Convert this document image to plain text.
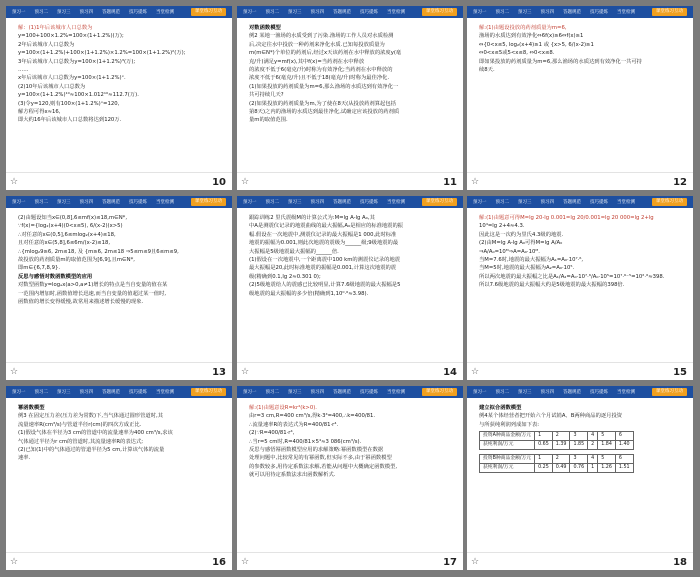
预习一 预习二 预习三 预习四 答题规范 技巧提炼 当堂检测	课堂练习互动

解：(1)1年后该城市人口总数为

y=100+100×1.2%=100×(1+1.2%)(万);

2年后该城市人口总数为

y=100×(1+1.2%)+100×(1+1.2%)×1.2%=100×(1+1.2%)²(万);

3年后该城市人口总数为y=100×(1+1.2%)³(万);

……

x年后该城市人口总数为y=100×(1+1.2%)ˣ.

(2)10年后该城市人口总数为

y=100×(1+1.2%)¹⁰≈100×1.012¹⁰≈112.7(万).

(3)令y=120,则有100×(1+1.2%)ˣ=120,

解方程可得x≈16,

即大约16年后该城市人口总数将达到120万.

☆	10
预习一 预习二 预习三 预习四 答题规范 技巧提炼 当堂检测	课堂练习互动

对数函数模型

例2 某地一渔场的水质受到了污染.渔场的工作人员对水质检测

后,决定往水中投放一种药剂来净化水质.已知每投放质量为

m(m∈N*)个单位的药剂后,经过x天该药剂在水中释放的浓度y(毫

克/升)满足y=mf(x),其中f(x)=当药剂在水中释放

的浓度不低于6(毫克/升)时称为有效净化;当药剂在水中释放的

浓度不低于6(毫克/升)且不低于18(毫克/升)时称为最佳净化.

(1)如果投放的药剂质量为m=6,那么渔场的水质达到有效净化一

共可持续几天?

(2)如果投放的药剂质量为m,为了使在8天(从投放药剂算起包括

第8天)之内的渔场的水质达到最佳净化,试确定应该投放的药剂质

量m的取值范围.

☆	11
预习一 预习二 预习三 预习四 答题规范 技巧提炼 当堂检测	课堂练习互动

解:(1)由题设投放的药剂质量为m=6,

渔场的水质达到有效净化⇔6f(x)≥6⇔f(x)≥1

⇔{0<x≤5, log₂(x+4)≥1 或 {x>5, 6/(x-2)≥1

⇔0<x≤5或5<x≤8, ⇔0<x≤8.

即如果投放的药剂质量为m=6,那么渔场的水质达到有效净化一共可持

续8天.

☆	12
预习一 预习二 预习三 预习四 答题规范 技巧提炼 当堂检测	课堂练习互动

(2)由题设知当x∈(0,8],6≤mf(x)≤18,m∈N*,

∵f(x)={log₂(x+4)(0<x≤5), 6/(x-2)(x>5)

∴对任意的x∈(0,5],6≤mlog₂(x+4)≤18,

且对任意的x∈(5,8],6≤6m/(x-2)≤18,

∴{mlog₂9≥6, 2m≤18, 及 {m≥6, 2m≤18 ⇒5≤m≤9且6≤m≤9,

故投放的药剂质量m的取值范围为[6,9],且m∈N*,

即m∈{6,7,8,9}.

反思与感悟对数函数模型的应用

对数型函数y=logₐx(a>0,a≠1)增长的特点是当自变量的值在某

一范围内增加时,函数值增长迅速,而当自变量的值超过某一值时,

函数值的增长变得缓慢,故常用来描述增长缓慢的现象.

☆	13
预习一 预习二 预习三 预习四 答题规范 技巧提炼 当堂检测	课堂练习互动

跟踪训练2 里氏震级M的计算公式为:M=lg A-lg A₀,其

中A是测震仪记录的地震曲线的最大振幅,A₀是相应的标准地震的振

幅.假设在一次地震中,测震仪记录的最大振幅是1 000,此时标准

地震的振幅为0.001,则此次地震的震级为______级;9级地震的最

大振幅是5级地震最大振幅的______倍.

(1)假设在一次地震中,一个距离震中100 km的测震仪记录的地震

最大振幅是20,此时标准地震的振幅是0.001,计算这次地震的震

级(精确到0.1,lg 2≈0.301 0);

(2)5级地震给人的震感已比较明显,计算7.6级地震的最大振幅是5

级地震的最大振幅的多少倍(精确到1,10⁰·⁶≈3.98).

☆	14
预习一 预习二 预习三 预习四 答题规范 技巧提炼 当堂检测	课堂练习互动

解:(1)由题意可得M=lg 20-lg 0.001=lg 20/0.001=lg 20 000=lg 2+lg

10⁴=lg 2+4≈4.3.

因此这是一次约为里氏4.3级的地震.

(2)由M=lg A-lg A₀可得M=lg A/A₀

⇒A/A₀=10ᴹ⇒A=A₀·10ᴹ.

当M=7.6时,地震的最大振幅为A₁=A₀·10⁷·⁶,

当M=5时,地震的最大振幅为A₂=A₀·10⁵.

所以两次地震的最大振幅之比是A₁/A₂=A₀·10⁷·⁶/A₀·10⁵=10⁷·⁶⁻⁵=10²·⁶≈398.

所以7.6级地震的最大振幅大约是5级地震的最大振幅的398倍.

☆	15
预习一 预习二 预习三 预习四 答题规范 技巧提炼 当堂检测	课堂练习互动

幂函数模型

例3 在固定压力差(压力差为常数)下,当气体通过圆形管道时,其

流量速率R(cm³/s)与管道半径r(cm)的四次方成正比.

(1)假设气体在半径为3 cm的管道中的流量速率为400 cm³/s,求该

气体通过半径为r cm的管道时,其流量速率R的表达式;

(2)已知(1)中的气体通过的管道半径为5 cm,计算该气体的流量

速率.

☆	16
预习一 预习二 预习三 预习四 答题规范 技巧提炼 当堂检测	课堂练习互动

解:(1)由题意设R=kr⁴(k>0).

由r=3 cm,R=400 cm³/s,得k·3⁴=400,∴k=400/81.

∴流量速率R的表达式为R=400/81·r⁴.

(2)∵R=400/81·r⁴,

∴当r=5 cm时,R=400/81×5⁴≈3 086(cm³/s).

反思与感悟幂函数模型应用的求解策略:幂函数模型在数据

处理问题中,比较常见的有幂函数,但实际不多,由于幂函数模型

的参数较多,用待定系数法求解,若能从问题中大概确定函数模型,

就可以用待定系数法求出函数解析式.

☆	17
预习一 预习二 预习三 预习四 答题规范 技巧提炼 当堂检测	课堂练习互动

建立拟合函数模型

例4某个体经营者把开始六个月试销A、B两种商品的逐月投资

与所获纯利润列成如下表:

投资A种商品金额/万元	1	2	3	4	5	6
获纯利润/万元	0.65	1.39	1.85	2	1.84	1.40
投资B种商品金额/万元	1	2	3	4	5	6
获纯利润/万元	0.25	0.49	0.76	1	1.26	1.51
☆	18
